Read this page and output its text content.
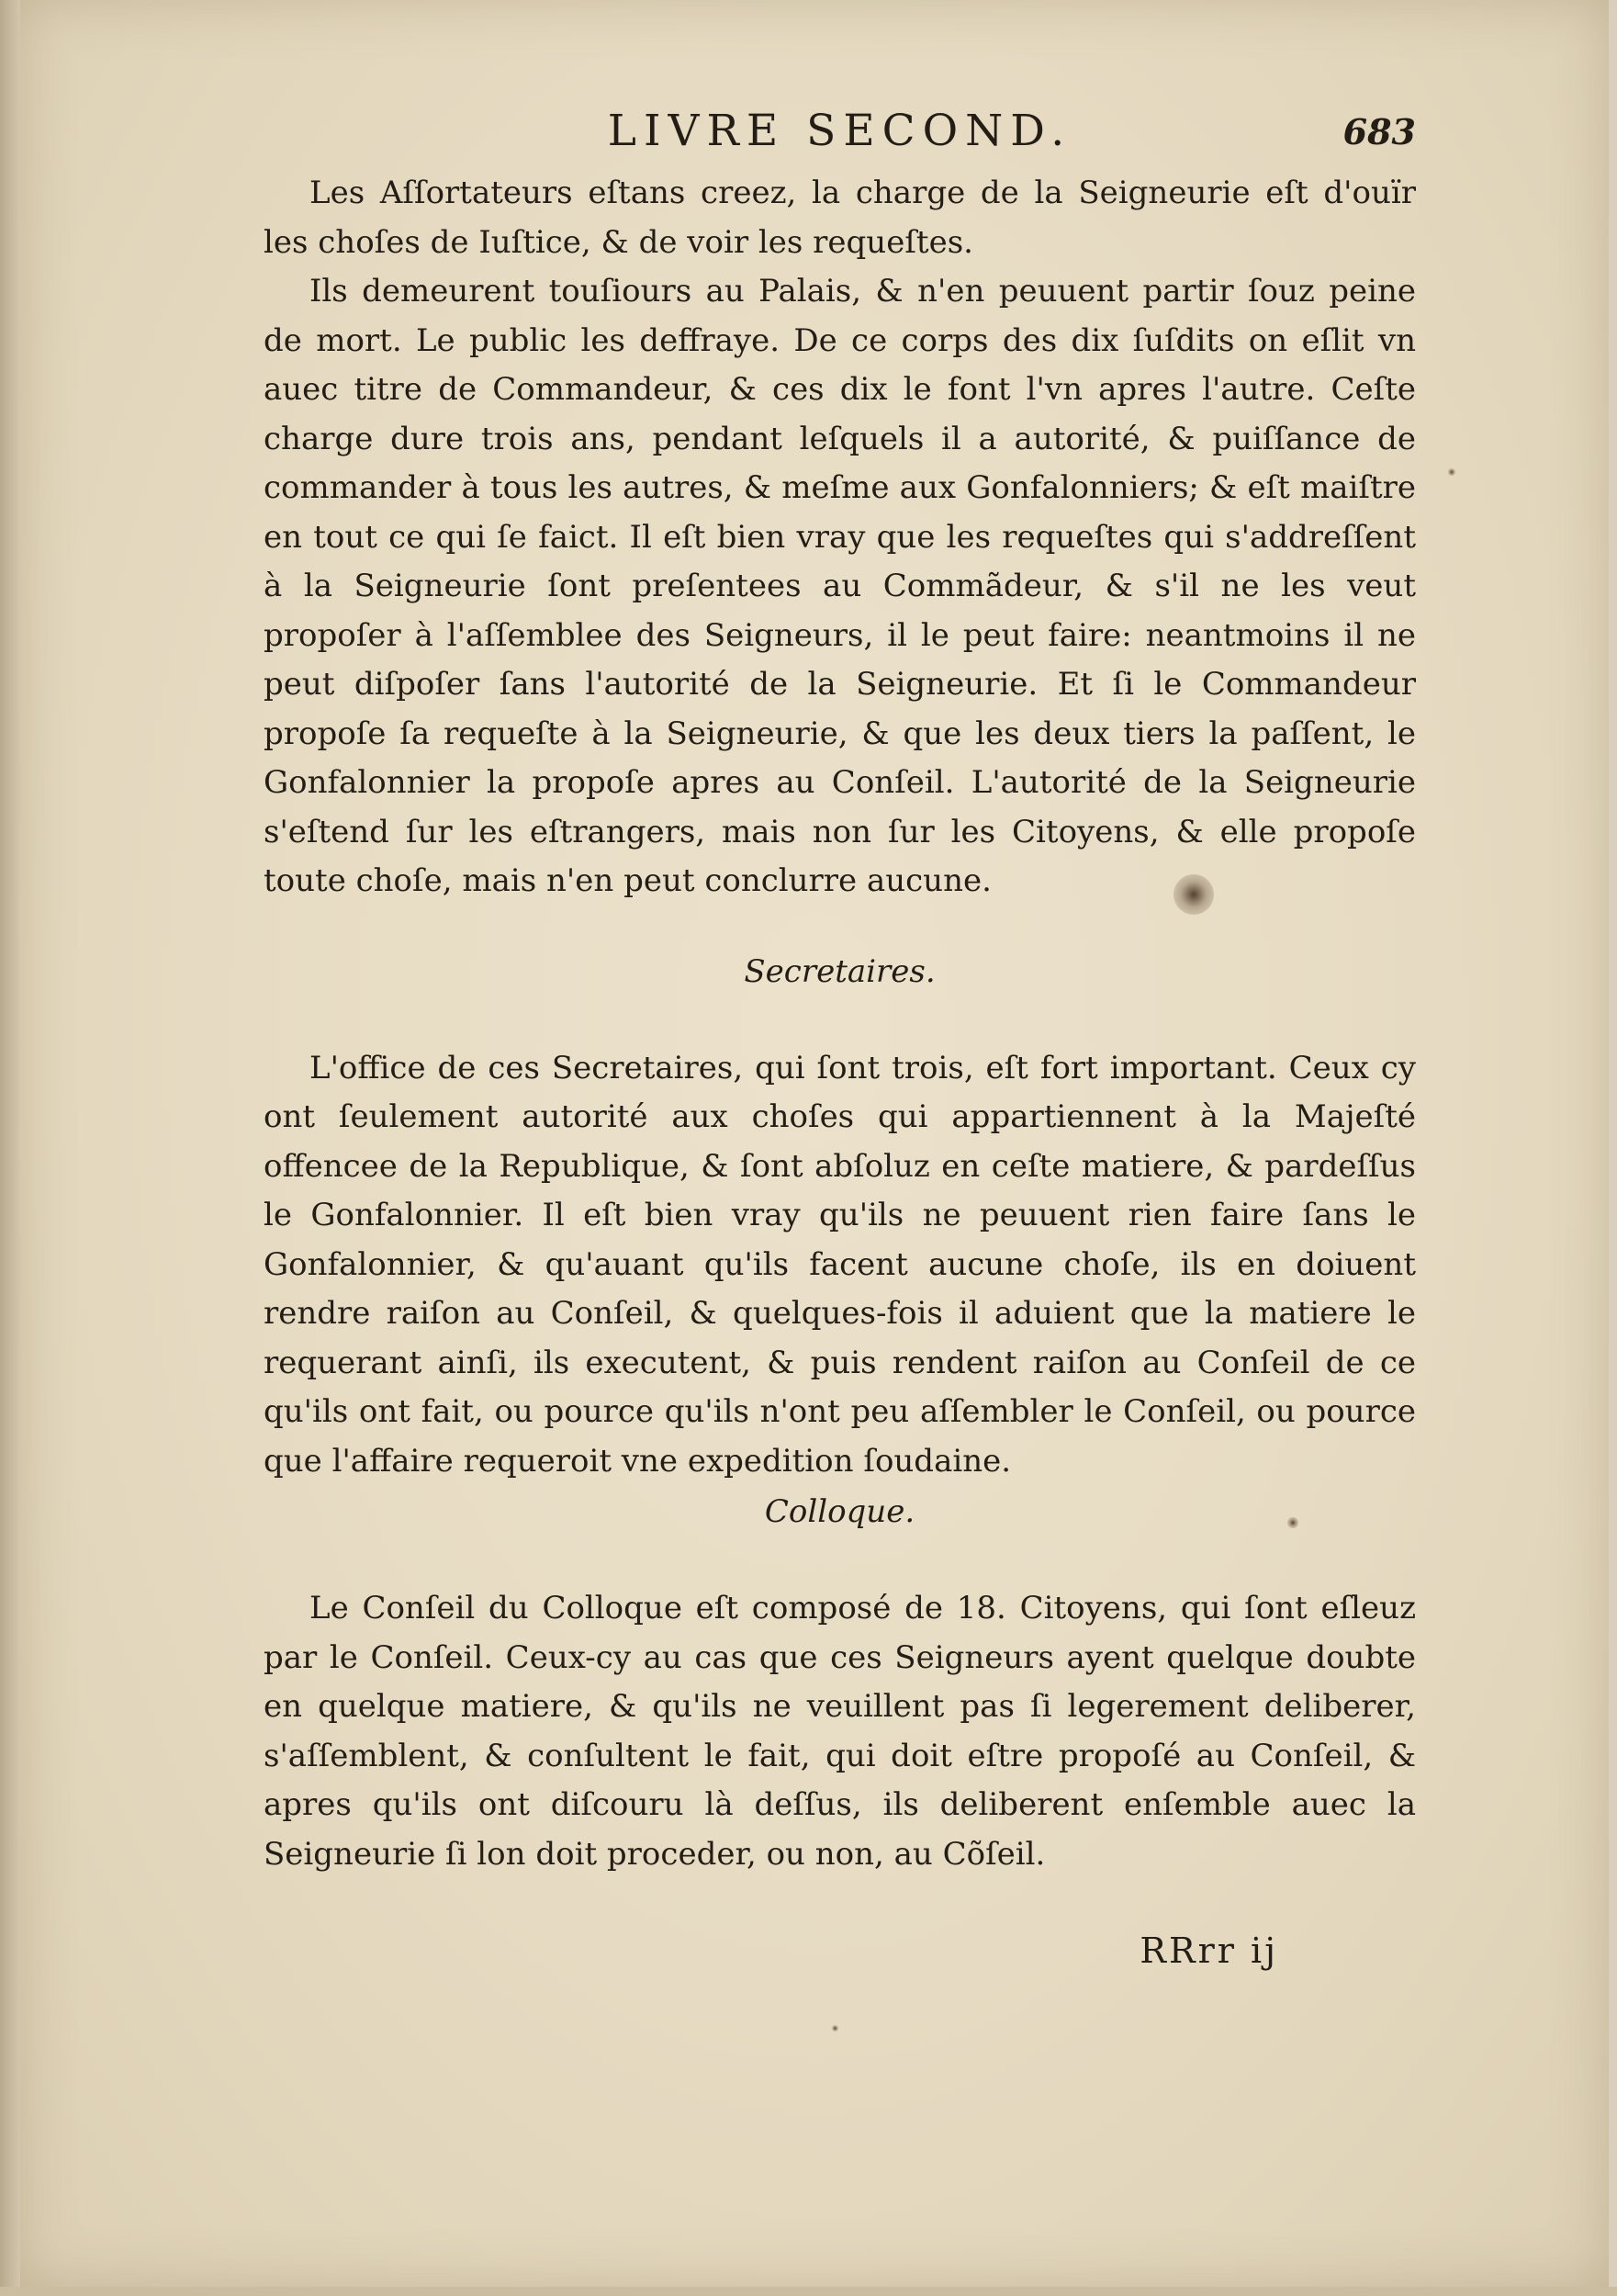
LIVRE SECOND.	683

Les Aſſortateurs eſtans creez, la charge de la Seigneurie eſt d'ouïr les choſes de Iuſtice, & de voir les requeſtes.

Ils demeurent touſiours au Palais, & n'en peuuent partir ſouz peine de mort. Le public les deffraye. De ce corps des dix ſuſdits on eſlit vn auec titre de Commandeur, & ces dix le font l'vn apres l'autre. Ceſte charge dure trois ans, pendant leſquels il a autorité, & puiſſance de commander à tous les autres, & meſme aux Gonfalonniers; & eſt maiſtre en tout ce qui ſe faict. Il eſt bien vray que les requeſtes qui s'addreſſent à la Seigneurie ſont preſentees au Commãdeur, & s'il ne les veut propoſer à l'aſſemblee des Seigneurs, il le peut faire: neantmoins il ne peut diſpoſer ſans l'autorité de la Seigneurie. Et ſi le Commandeur propoſe ſa requeſte à la Seigneurie, & que les deux tiers la paſſent, le Gonfalonnier la propoſe apres au Conſeil. L'autorité de la Seigneurie s'eſtend ſur les eſtrangers, mais non ſur les Citoyens, & elle propoſe toute choſe, mais n'en peut conclurre aucune.

Secretaires.

L'office de ces Secretaires, qui ſont trois, eſt fort important. Ceux cy ont ſeulement autorité aux choſes qui appartiennent à la Majeſté offencee de la Republique, & ſont abſoluz en ceſte matiere, & pardeſſus le Gonfalonnier. Il eſt bien vray qu'ils ne peuuent rien faire ſans le Gonfalonnier, & qu'auant qu'ils facent aucune choſe, ils en doiuent rendre raiſon au Conſeil, & quelques-fois il aduient que la matiere le requerant ainſi, ils executent, & puis rendent raiſon au Conſeil de ce qu'ils ont fait, ou pource qu'ils n'ont peu aſſembler le Conſeil, ou pource que l'affaire requeroit vne expedition ſoudaine.

Colloque.

Le Conſeil du Colloque eſt composé de 18. Citoyens, qui ſont eſleuz par le Conſeil. Ceux-cy au cas que ces Seigneurs ayent quelque doubte en quelque matiere, & qu'ils ne veuillent pas ſi legerement deliberer, s'aſſemblent, & conſultent le fait, qui doit eſtre propoſé au Conſeil, & apres qu'ils ont diſcouru là deſſus, ils deliberent enſemble auec la Seigneurie ſi lon doit proceder, ou non, au Cõſeil.

RRrr ij
